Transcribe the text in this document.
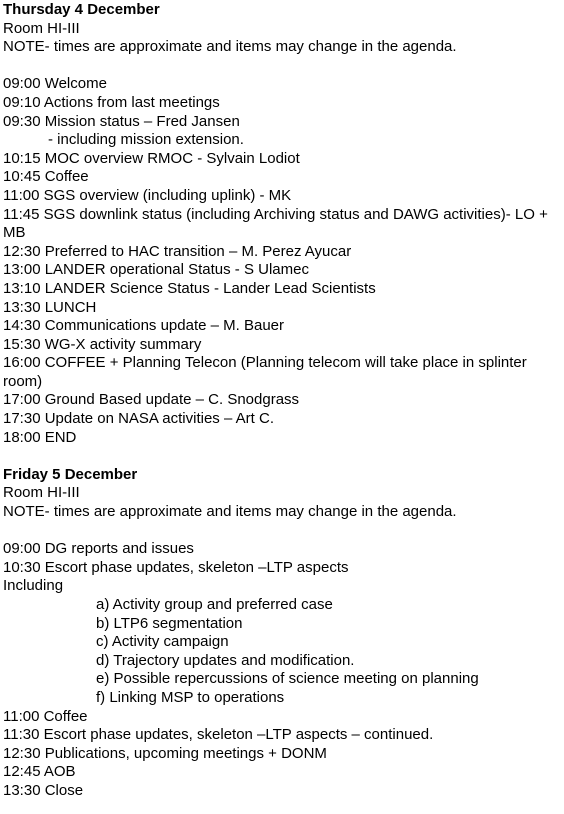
Thursday 4 December
Room HI-III
NOTE- times are approximate and items may change in the agenda.
09:00 Welcome
09:10 Actions from last meetings
09:30 Mission status – Fred Jansen
- including mission extension.
10:15 MOC overview RMOC - Sylvain Lodiot
10:45 Coffee
11:00 SGS overview (including uplink) - MK
11:45 SGS downlink status (including Archiving status and DAWG activities)- LO + MB
12:30 Preferred to HAC transition – M. Perez Ayucar
13:00 LANDER operational Status - S Ulamec
13:10 LANDER Science Status - Lander Lead Scientists
13:30 LUNCH
14:30 Communications update – M. Bauer
15:30 WG-X activity summary
16:00 COFFEE + Planning Telecon (Planning telecom will take place in splinter room)
17:00 Ground Based update – C. Snodgrass
17:30 Update on NASA activities – Art C.
18:00 END
Friday 5 December
Room HI-III
NOTE- times are approximate and items may change in the agenda.
09:00 DG reports and issues
10:30 Escort phase updates, skeleton –LTP aspects
Including
a) Activity group and preferred case
b) LTP6 segmentation
c) Activity campaign
d) Trajectory updates and modification.
e) Possible repercussions of science meeting on planning
f) Linking MSP to operations
11:00 Coffee
11:30 Escort phase updates, skeleton –LTP aspects – continued.
12:30 Publications, upcoming meetings + DONM
12:45 AOB
13:30 Close
